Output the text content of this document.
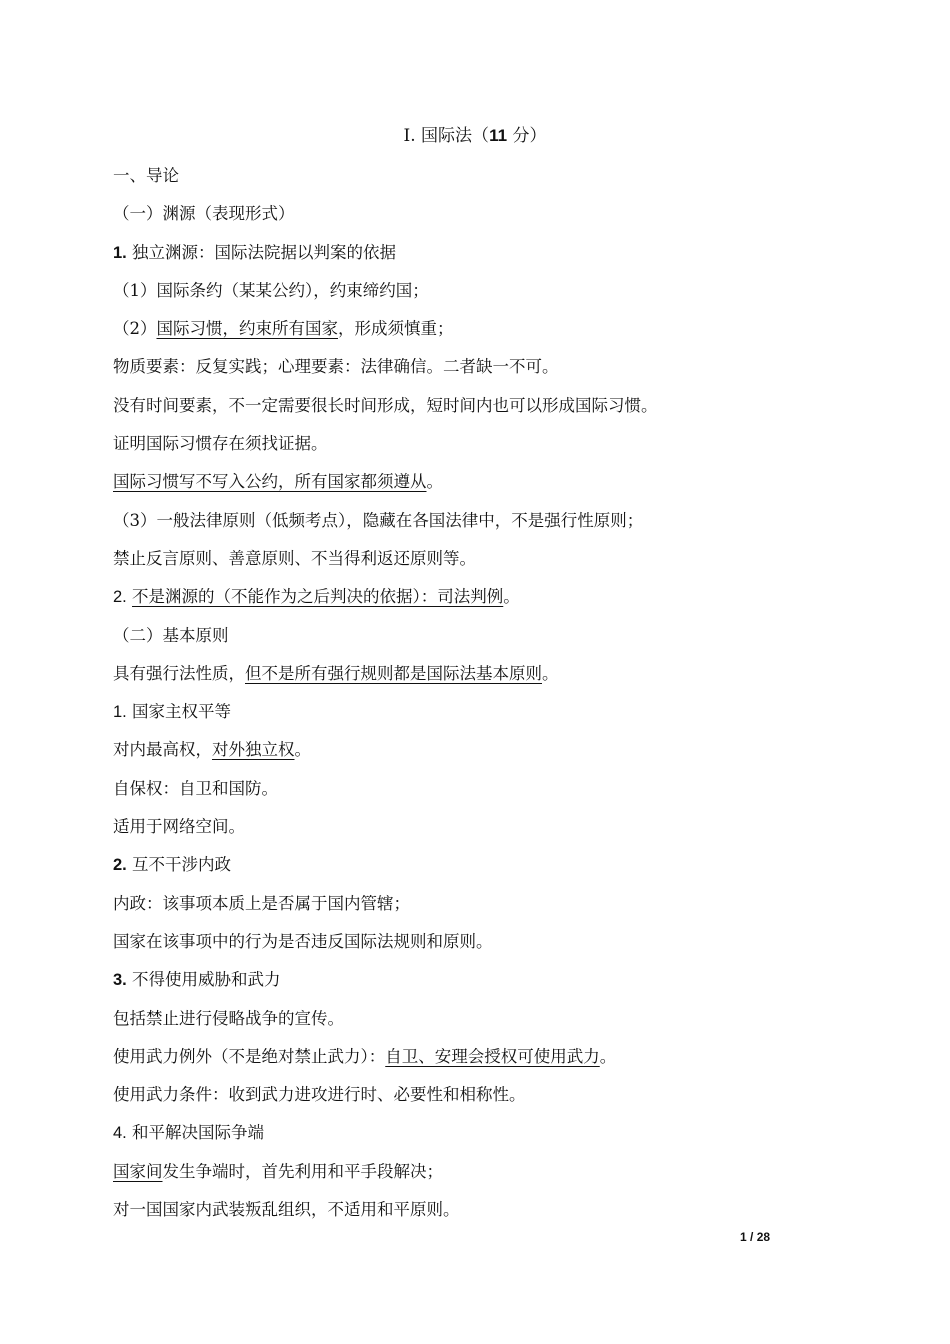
Ⅰ. 国际法（11 分）
一、导论
（一）渊源（表现形式）
1. 独立渊源：国际法院据以判案的依据
（1）国际条约（某某公约），约束缔约国；
（2）国际习惯，约束所有国家，形成须慎重；
物质要素：反复实践；心理要素：法律确信。二者缺一不可。
没有时间要素，不一定需要很长时间形成，短时间内也可以形成国际习惯。
证明国际习惯存在须找证据。
国际习惯写不写入公约，所有国家都须遵从。
（3）一般法律原则（低频考点），隐藏在各国法律中，不是强行性原则；
禁止反言原则、善意原则、不当得利返还原则等。
2. 不是渊源的（不能作为之后判决的依据）：司法判例。
（二）基本原则
具有强行法性质，但不是所有强行规则都是国际法基本原则。
1. 国家主权平等
对内最高权，对外独立权。
自保权：自卫和国防。
适用于网络空间。
2. 互不干涉内政
内政：该事项本质上是否属于国内管辖；
国家在该事项中的行为是否违反国际法规则和原则。
3. 不得使用威胁和武力
包括禁止进行侵略战争的宣传。
使用武力例外（不是绝对禁止武力）：自卫、安理会授权可使用武力。
使用武力条件：收到武力进攻进行时、必要性和相称性。
4. 和平解决国际争端
国家间发生争端时，首先利用和平手段解决；
对一国国家内武装叛乱组织，不适用和平原则。
1 / 28
